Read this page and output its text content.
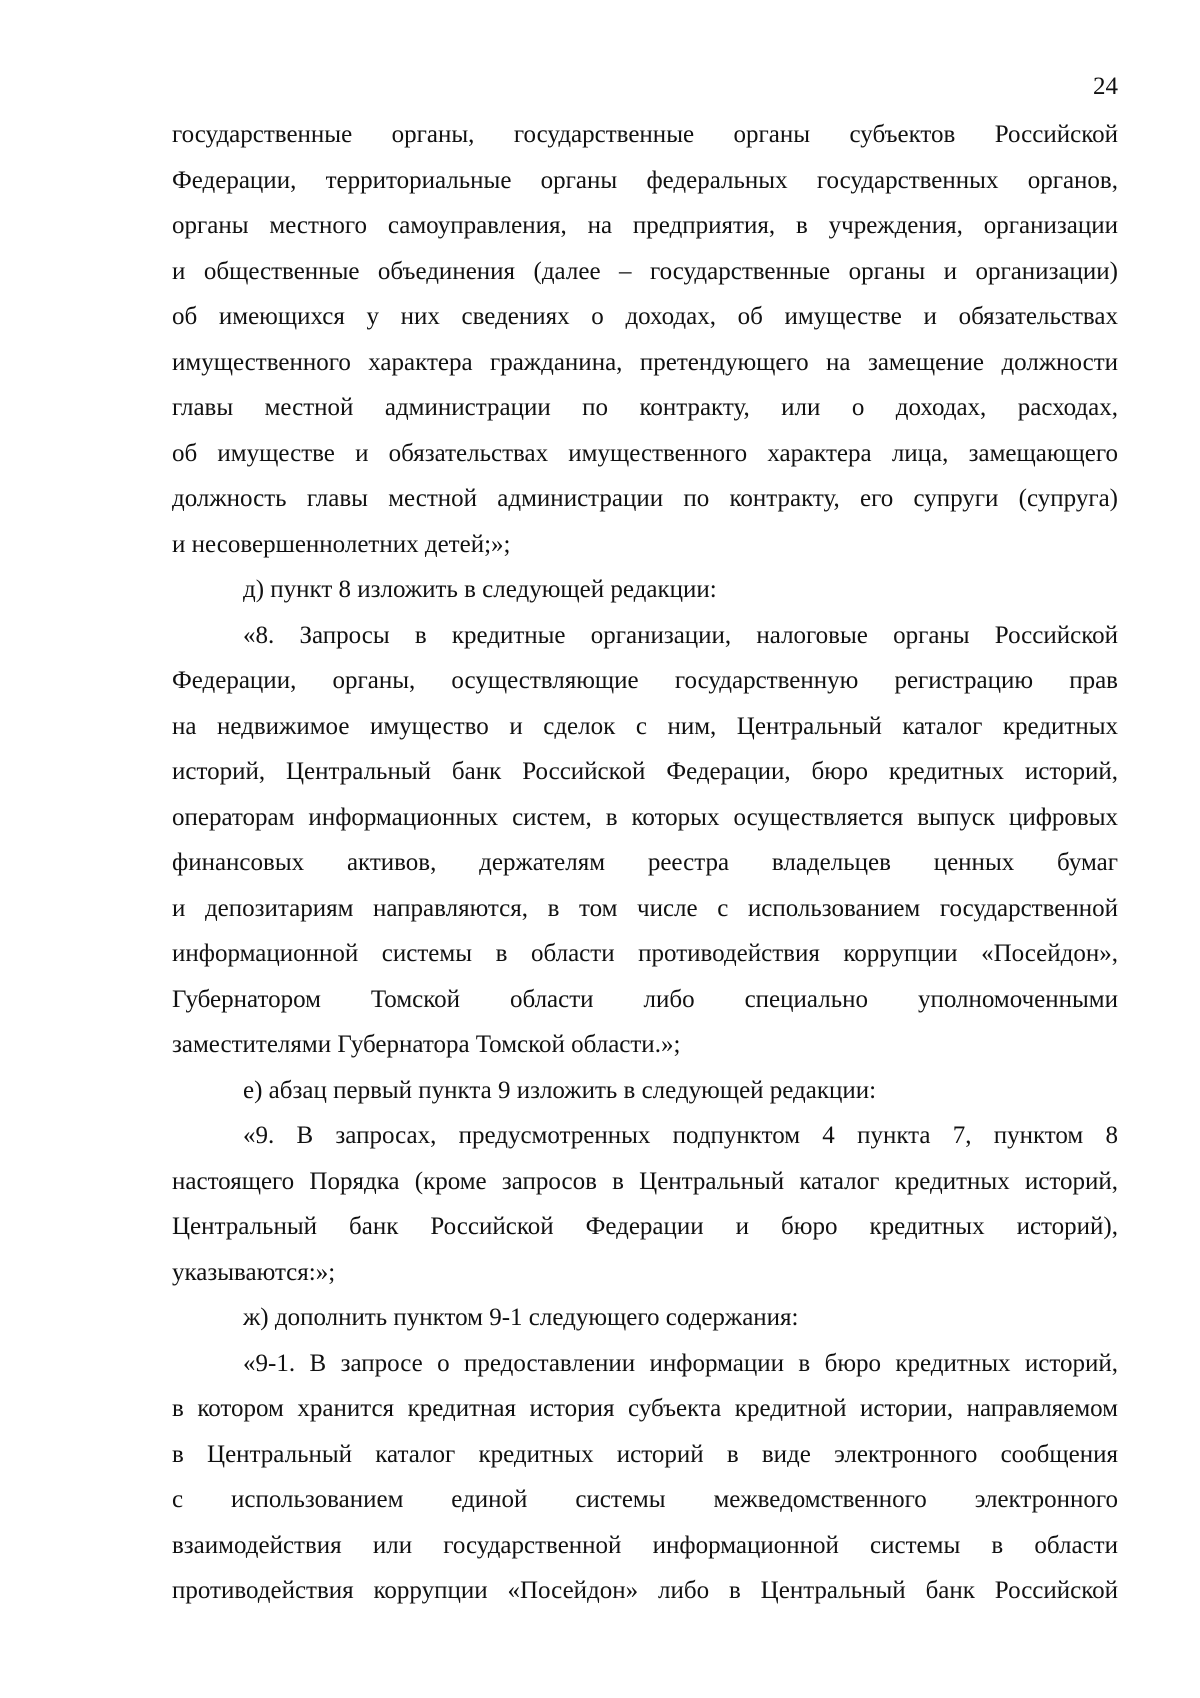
24
государственные органы, государственные органы субъектов Российской
Федерации, территориальные органы федеральных государственных органов,
органы местного самоуправления, на предприятия, в учреждения, организации
и общественные объединения (далее – государственные органы и организации)
об имеющихся у них сведениях о доходах, об имуществе и обязательствах
имущественного характера гражданина, претендующего на замещение должности
главы местной администрации по контракту, или о доходах, расходах,
об имуществе и обязательствах имущественного характера лица, замещающего
должность главы местной администрации по контракту, его супруги (супруга)
и несовершеннолетних детей;»;
д) пункт 8 изложить в следующей редакции:
«8. Запросы в кредитные организации, налоговые органы Российской
Федерации, органы, осуществляющие государственную регистрацию прав
на недвижимое имущество и сделок с ним, Центральный каталог кредитных
историй, Центральный банк Российской Федерации, бюро кредитных историй,
операторам информационных систем, в которых осуществляется выпуск цифровых
финансовых активов, держателям реестра владельцев ценных бумаг
и депозитариям направляются, в том числе с использованием государственной
информационной системы в области противодействия коррупции «Посейдон»,
Губернатором Томской области либо специально уполномоченными
заместителями Губернатора Томской области.»;
е) абзац первый пункта 9 изложить в следующей редакции:
«9. В запросах, предусмотренных подпунктом 4 пункта 7, пунктом 8
настоящего Порядка (кроме запросов в Центральный каталог кредитных историй,
Центральный банк Российской Федерации и бюро кредитных историй),
указываются:»;
ж) дополнить пунктом 9-1 следующего содержания:
«9-1. В запросе о предоставлении информации в бюро кредитных историй,
в котором хранится кредитная история субъекта кредитной истории, направляемом
в Центральный каталог кредитных историй в виде электронного сообщения
с использованием единой системы межведомственного электронного
взаимодействия или государственной информационной системы в области
противодействия коррупции «Посейдон» либо в Центральный банк Российской
